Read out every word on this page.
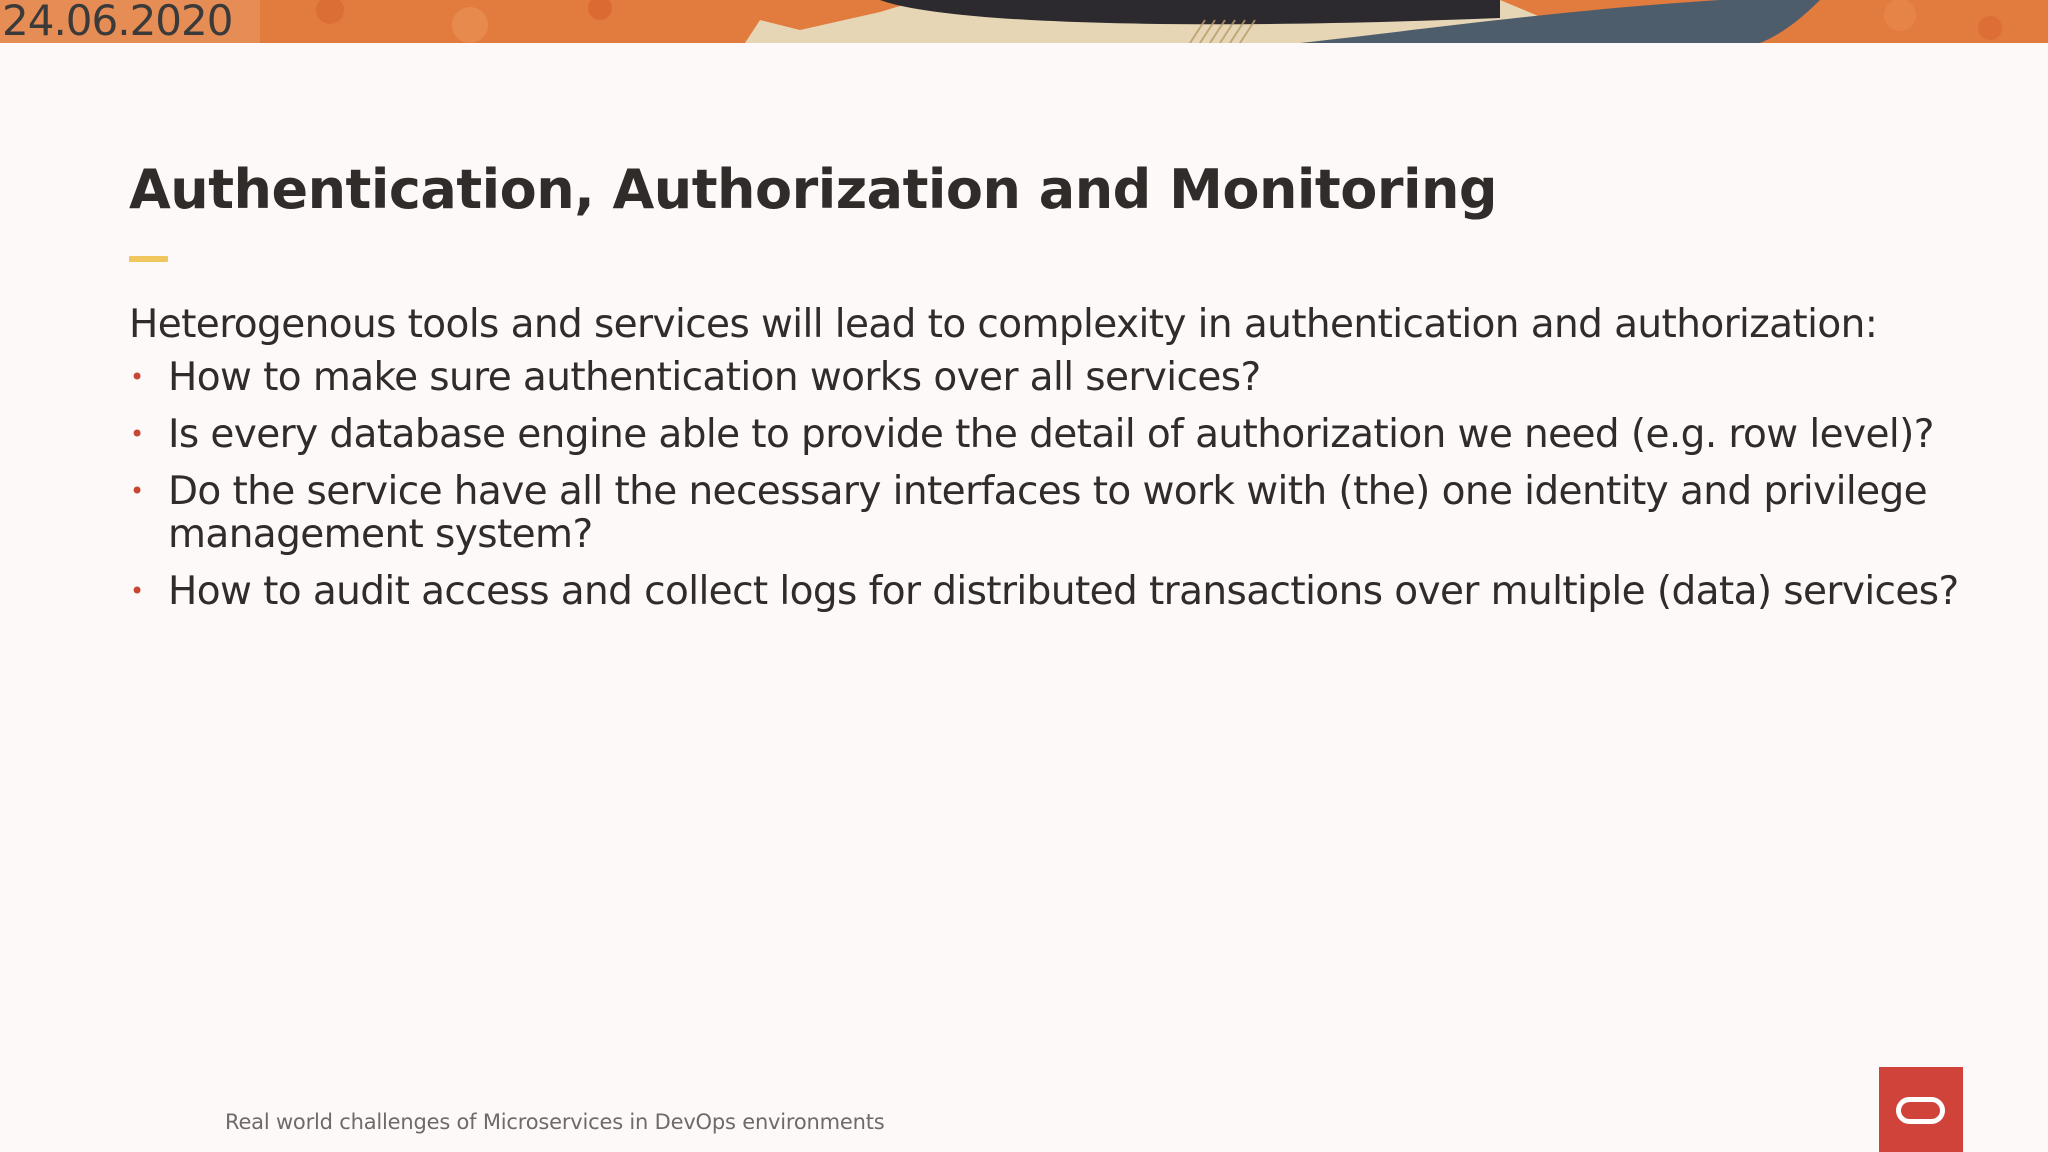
24.06.2020
Authentication, Authorization and Monitoring
Heterogenous tools and services will lead to complexity in authentication and authorization:
• How to make sure authentication works over all services?
• Is every database engine able to provide the detail of authorization we need (e.g. row level)?
• Do the service have all the necessary interfaces to work with (the) one identity and privilege management system?
• How to audit access and collect logs for distributed transactions over multiple (data) services?
Real world challenges of Microservices in DevOps environments
